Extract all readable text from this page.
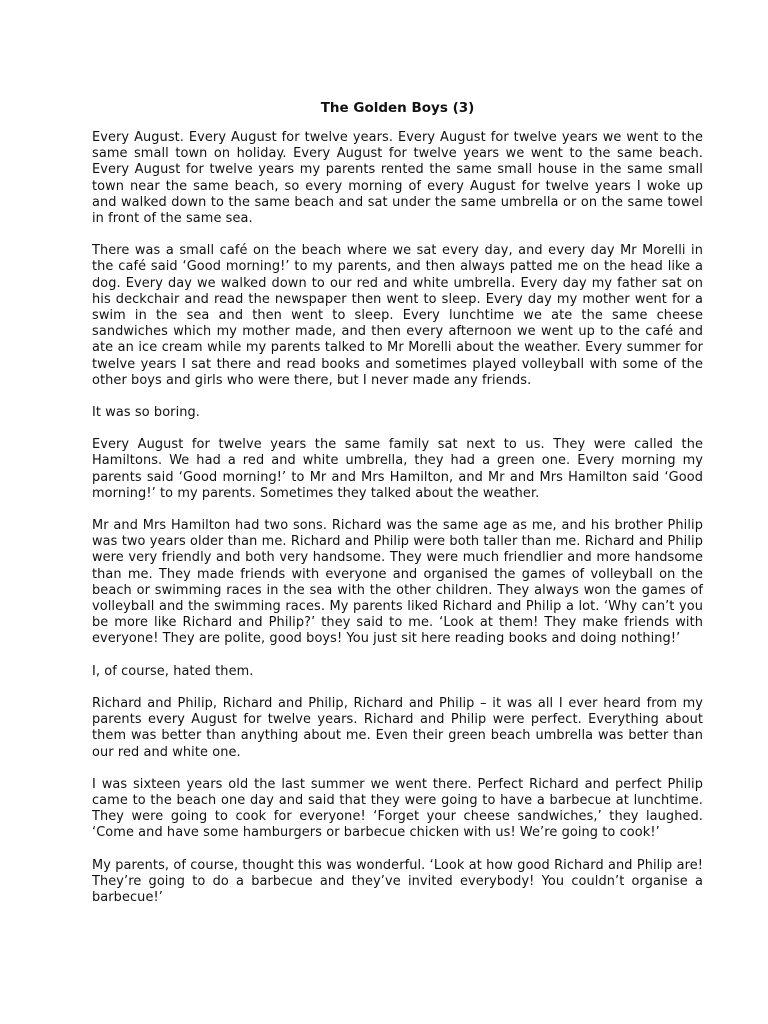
The Golden Boys (3)

Every August. Every August for twelve years. Every August for twelve years we went to the same small town on holiday. Every August for twelve years we went to the same beach. Every August for twelve years my parents rented the same small house in the same small town near the same beach, so every morning of every August for twelve years I woke up and walked down to the same beach and sat under the same umbrella or on the same towel in front of the same sea.

There was a small café on the beach where we sat every day, and every day Mr Morelli in the café said ‘Good morning!’ to my parents, and then always patted me on the head like a dog. Every day we walked down to our red and white umbrella. Every day my father sat on his deckchair and read the newspaper then went to sleep. Every day my mother went for a swim in the sea and then went to sleep. Every lunchtime we ate the same cheese sandwiches which my mother made, and then every afternoon we went up to the café and ate an ice cream while my parents talked to Mr Morelli about the weather. Every summer for twelve years I sat there and read books and sometimes played volleyball with some of the other boys and girls who were there, but I never made any friends.

It was so boring.

Every August for twelve years the same family sat next to us. They were called the Hamiltons. We had a red and white umbrella, they had a green one. Every morning my parents said ‘Good morning!’ to Mr and Mrs Hamilton, and Mr and Mrs Hamilton said ‘Good morning!’ to my parents. Sometimes they talked about the weather.

Mr and Mrs Hamilton had two sons. Richard was the same age as me, and his brother Philip was two years older than me. Richard and Philip were both taller than me. Richard and Philip were very friendly and both very handsome. They were much friendlier and more handsome than me. They made friends with everyone and organised the games of volleyball on the beach or swimming races in the sea with the other children. They always won the games of volleyball and the swimming races. My parents liked Richard and Philip a lot. ‘Why can’t you be more like Richard and Philip?’ they said to me. ‘Look at them! They make friends with everyone! They are polite, good boys! You just sit here reading books and doing nothing!’

I, of course, hated them.

Richard and Philip, Richard and Philip, Richard and Philip – it was all I ever heard from my parents every August for twelve years. Richard and Philip were perfect. Everything about them was better than anything about me. Even their green beach umbrella was better than our red and white one.

I was sixteen years old the last summer we went there. Perfect Richard and perfect Philip came to the beach one day and said that they were going to have a barbecue at lunchtime. They were going to cook for everyone! ‘Forget your cheese sandwiches,’ they laughed. ‘Come and have some hamburgers or barbecue chicken with us! We’re going to cook!’

My parents, of course, thought this was wonderful. ‘Look at how good Richard and Philip are! They’re going to do a barbecue and they’ve invited everybody! You couldn’t organise a barbecue!’
